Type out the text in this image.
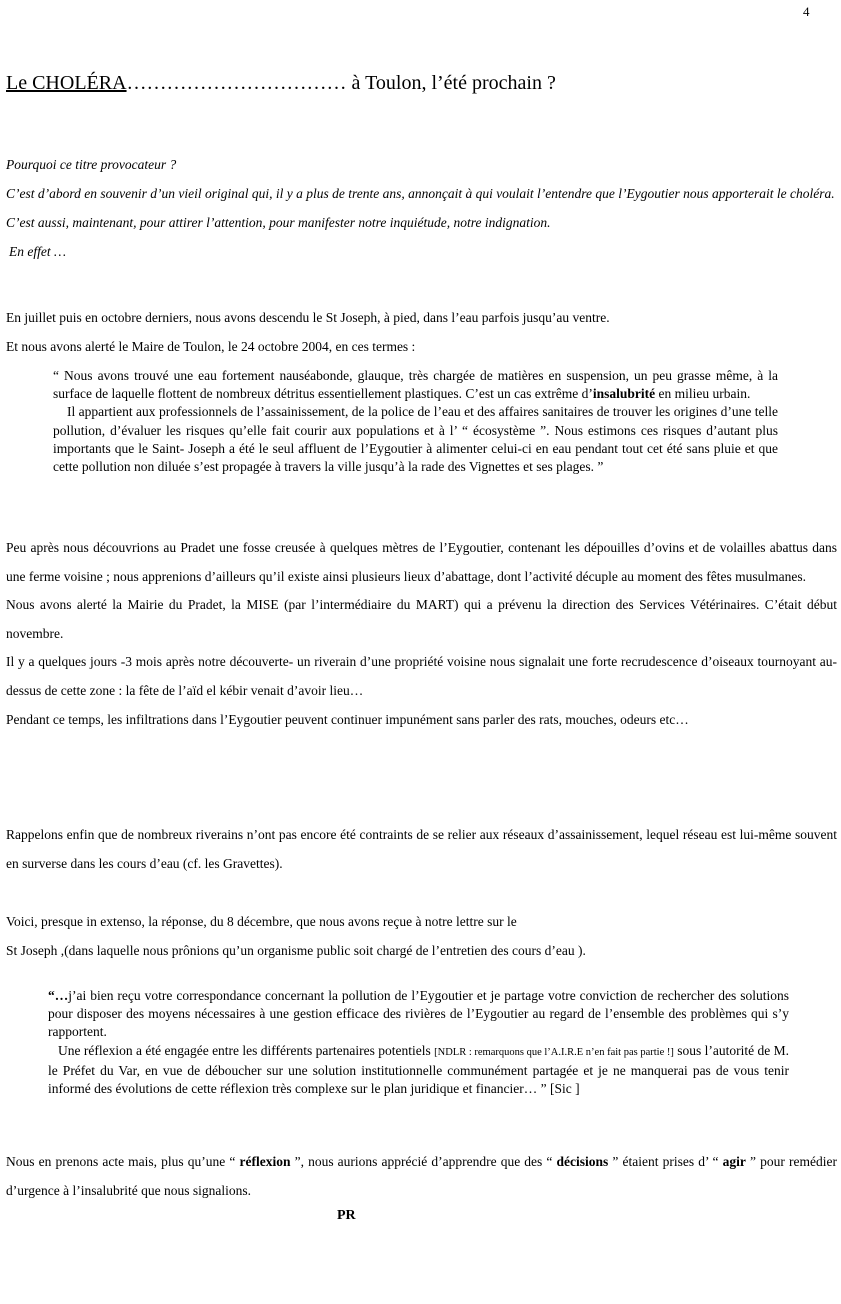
4
Le CHOLÉRA…………………………… à Toulon, l’été prochain ?

Pourquoi ce titre provocateur ?

C’est d’abord en souvenir d’un vieil original qui, il y a plus de trente ans, annonçait à qui voulait l’entendre que l’Eygoutier nous apporterait le choléra.

C’est aussi, maintenant, pour attirer l’attention, pour manifester notre inquiétude, notre indignation.

En effet …

En juillet puis en octobre derniers, nous avons descendu le St Joseph, à pied, dans l’eau parfois jusqu’au ventre.

Et nous avons alerté le Maire de Toulon, le 24 octobre 2004, en ces termes :

“ Nous avons trouvé une eau fortement nauséabonde, glauque, très chargée de matières en suspension, un peu grasse même, à la surface de laquelle flottent de nombreux détritus essentiellement plastiques. C’est un cas extrême d’insalubrité en milieu urbain.

Il appartient aux professionnels de l’assainissement, de la police de l’eau et des affaires sanitaires de trouver les origines d’une telle pollution, d’évaluer les risques qu’elle fait courir aux populations et à l’ “ écosystème ”. Nous estimons ces risques d’autant plus importants que le Saint- Joseph a été le seul affluent de l’Eygoutier à alimenter celui-ci en eau pendant tout cet été sans pluie et que cette pollution non diluée s’est propagée à travers la ville jusqu’à la rade des Vignettes et ses plages. ”

Peu après nous découvrions au Pradet une fosse creusée à quelques mètres de l’Eygoutier, contenant les dépouilles d’ovins et de volailles abattus dans une ferme voisine ; nous apprenions d’ailleurs qu’il existe ainsi plusieurs lieux d’abattage, dont l’activité décuple au moment des fêtes musulmanes.

Nous avons alerté la Mairie du Pradet, la MISE (par l’intermédiaire du MART) qui a prévenu la direction des Services Vétérinaires. C’était début novembre.

Il y a quelques jours -3 mois après notre découverte- un riverain d’une propriété voisine nous signalait une forte recrudescence d’oiseaux tournoyant au-dessus de cette zone : la fête de l’aïd el kébir venait d’avoir lieu…

Pendant ce temps, les infiltrations dans l’Eygoutier peuvent continuer impunément sans parler des rats, mouches, odeurs etc…

Rappelons enfin que de nombreux riverains n’ont pas encore été contraints de se relier aux réseaux d’assainissement, lequel réseau est lui-même souvent en surverse dans les cours d’eau (cf. les Gravettes).

Voici, presque in extenso, la réponse, du 8 décembre, que nous avons reçue à notre lettre sur le

St Joseph ,(dans laquelle nous prônions qu’un organisme public soit chargé de l’entretien des cours d’eau ).

“…j’ai bien reçu votre correspondance concernant la pollution de l’Eygoutier et je partage votre conviction de rechercher des solutions pour disposer des moyens nécessaires à une gestion efficace des rivières de l’Eygoutier au regard de l’ensemble des problèmes qui s’y rapportent.

Une réflexion a été engagée entre les différents partenaires potentiels [NDLR : remarquons que l’A.I.R.E n’en fait pas partie !] sous l’autorité de M. le Préfet du Var, en vue de déboucher sur une solution institutionnelle communément partagée et je ne manquerai pas de vous tenir informé des évolutions de cette réflexion très complexe sur le plan juridique et financier… ” [Sic ]

Nous en prenons acte mais, plus qu’une “ réflexion ”, nous aurions apprécié d’apprendre que des “ décisions ” étaient prises d’ “ agir ” pour remédier d’urgence à l’insalubrité que nous signalions.

PR
